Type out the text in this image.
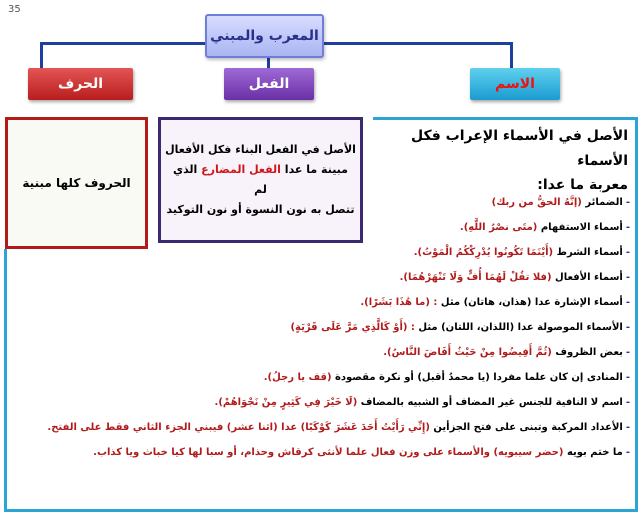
35
المعرب والمبني
الحرف	الفعل	الاسم
الحروف كلها مبنية
الأصل في الفعل البناء فكل الأفعال
مبينة ما عدا الفعل المضارع الذي لم
تتصل به نون النسوة أو نون التوكيد
الأصل في الأسماء الإعراب فكل الأسماء
معربة ما عدا:
-الضمائر (إنَّهُ الحقُّ من ربك)
-أسماء الاستفهام (متَى نصْرُ اللَّهِ).
-أسماء الشرط (أَيْنَمَا تَكُونُوا يُدْرِكْكُمُ الْمَوْتُ).
-أسماء الأفعال (فلا تقُلْ لَهُمَا أُفٍّ وَلَا تَنْهَرْهُمَا).
-أسماء الإشارة عدا (هذان، هاتان) مثل : (ما هَٰذَا بَشَرًا).
-الأسماء الموصولة عدا (اللذان، اللتان) مثل : (أَوْ كَالَّذِي مَرَّ عَلَى قَرْيَةٍ)
-بعض الظروف (ثُمَّ أَفِيضُوا مِنْ حَيْثُ أَفَاضَ النَّاسُ).
-المنادى إن كان علما مفردا (يا محمدُ أقبل) أو نكرة مقصودة (قف يا رجلُ).
-اسم لا النافية للجنس غير المضاف أو الشبيه بالمضاف (لَا خَيْرَ فِي كَثِيرٍ مِنْ نَجْوَاهُمْ).
-الأعداد المركبة وتبنى على فتح الجزأين (إِنِّي رَأَيْتُ أَحَدَ عَشَرَ كَوْكَبًا) عدا (اثنا عشر) فيبني الجزء الثاني فقط على الفتح.
-ما ختم بويه (حضر سيبويه) والأسماء على وزن فعال علما لأنثى كرقاش وحذام، أو سبا لها كيا خباث ويا كذاب.
